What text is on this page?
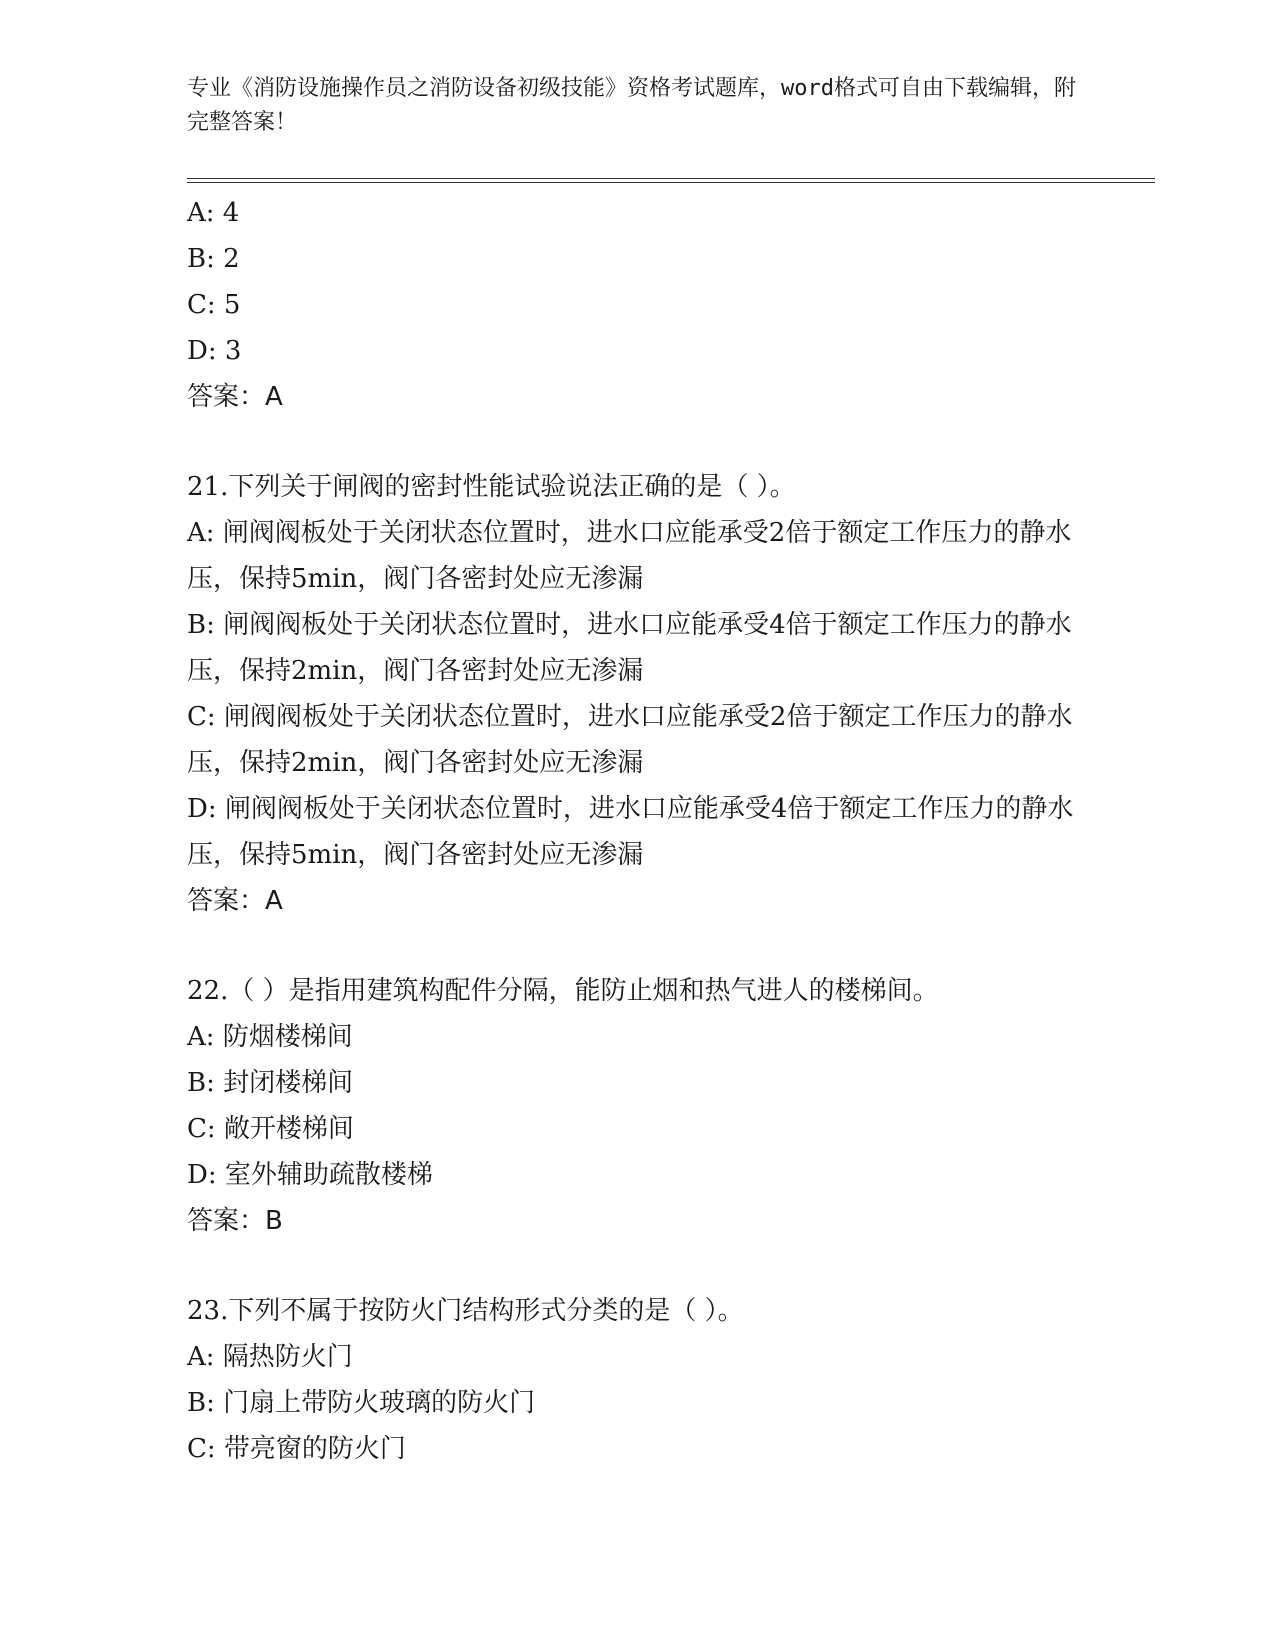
专业《消防设施操作员之消防设备初级技能》资格考试题库，word格式可自由下载编辑，附完整答案！
A: 4
B: 2
C: 5
D: 3
答案：A
21.下列关于闸阀的密封性能试验说法正确的是（ ）。
A: 闸阀阀板处于关闭状态位置时，进水口应能承受2倍于额定工作压力的静水压，保持5min，阀门各密封处应无渗漏
B: 闸阀阀板处于关闭状态位置时，进水口应能承受4倍于额定工作压力的静水压，保持2min，阀门各密封处应无渗漏
C: 闸阀阀板处于关闭状态位置时，进水口应能承受2倍于额定工作压力的静水压，保持2min，阀门各密封处应无渗漏
D: 闸阀阀板处于关闭状态位置时，进水口应能承受4倍于额定工作压力的静水压，保持5min，阀门各密封处应无渗漏
答案：A
22.（ ）是指用建筑构配件分隔，能防止烟和热气进人的楼梯间。
A: 防烟楼梯间
B: 封闭楼梯间
C: 敞开楼梯间
D: 室外辅助疏散楼梯
答案：B
23.下列不属于按防火门结构形式分类的是（ ）。
A: 隔热防火门
B: 门扇上带防火玻璃的防火门
C: 带亮窗的防火门
